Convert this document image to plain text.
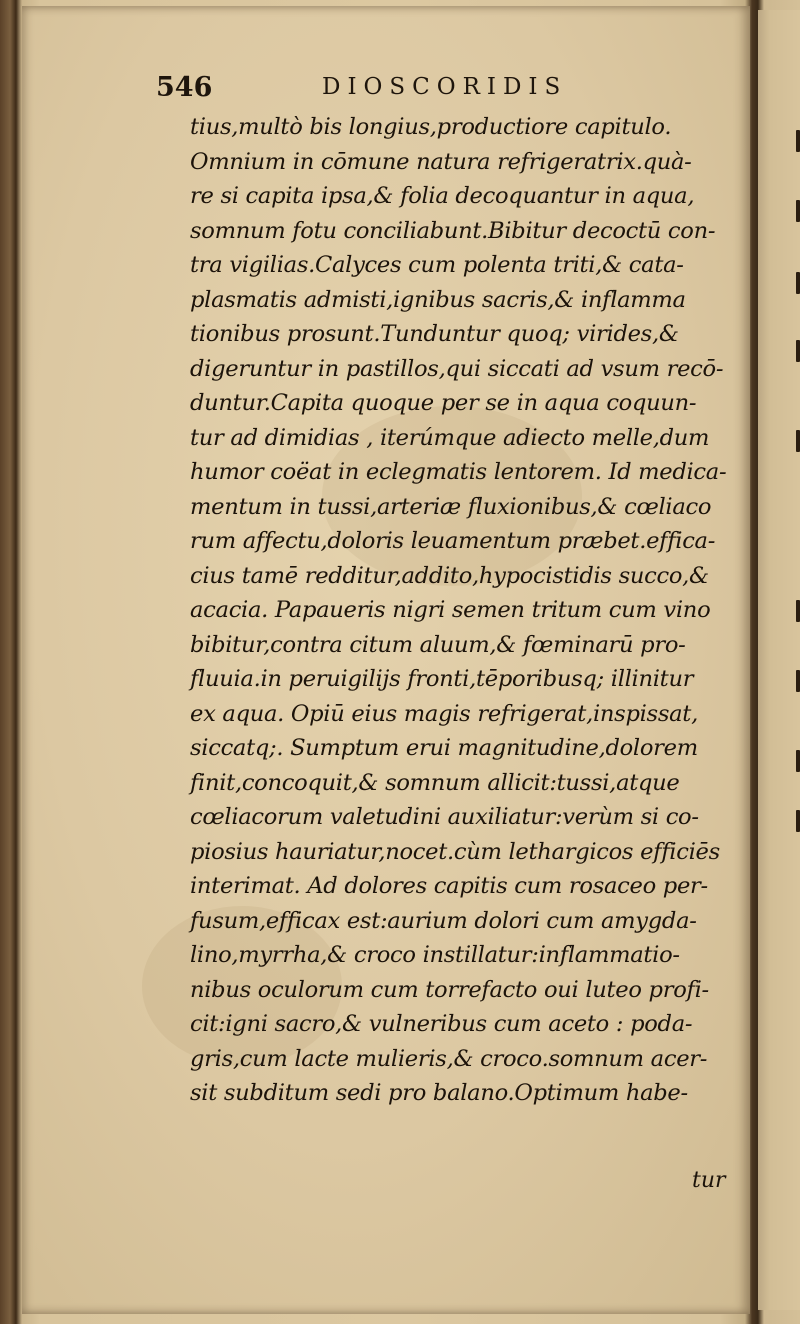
546	DIOSCORIDIS
tius,multò bis longius,productiore capitulo.
Omnium in cōmune natura refrigeratrix.quà-
re si capita ipsa,& folia decoquantur in aqua,
somnum fotu conciliabunt.Bibitur decoctū con-
tra vigilias.Calyces cum polenta triti,& cata-
plasmatis admisti,ignibus sacris,& inflamma
tionibus prosunt.Tunduntur quoq; virides,&
digeruntur in pastillos,qui siccati ad vsum recō-
duntur.Capita quoque per se in aqua coquun-
tur ad dimidias , iterúmque adiecto melle,dum
humor coëat in eclegmatis lentorem. Id medica-
mentum in tussi,arteriæ fluxionibus,& cœliaco
rum affectu,doloris leuamentum præbet.effica-
cius tamē redditur,addito,hypocistidis succo,&
acacia. Papaueris nigri semen tritum cum vino
bibitur,contra citum aluum,& fœminarū pro-
fluuia.in peruigilijs fronti,tēporibusq; illinitur
ex aqua. Opiū eius magis refrigerat,inspissat,
siccatq;. Sumptum erui magnitudine,dolorem
finit,concoquit,& somnum allicit:tussi,atque
cœliacorum valetudini auxiliatur:verùm si co-
piosius hauriatur,nocet.cùm lethargicos efficiēs
interimat. Ad dolores capitis cum rosaceo per-
fusum,efficax est:aurium dolori cum amygda-
lino,myrrha,& croco instillatur:inflammatio-
nibus oculorum cum torrefacto oui luteo profi-
cit:igni sacro,& vulneribus cum aceto : poda-
gris,cum lacte mulieris,& croco.somnum acer-
sit subditum sedi pro balano.Optimum habe-
tur
